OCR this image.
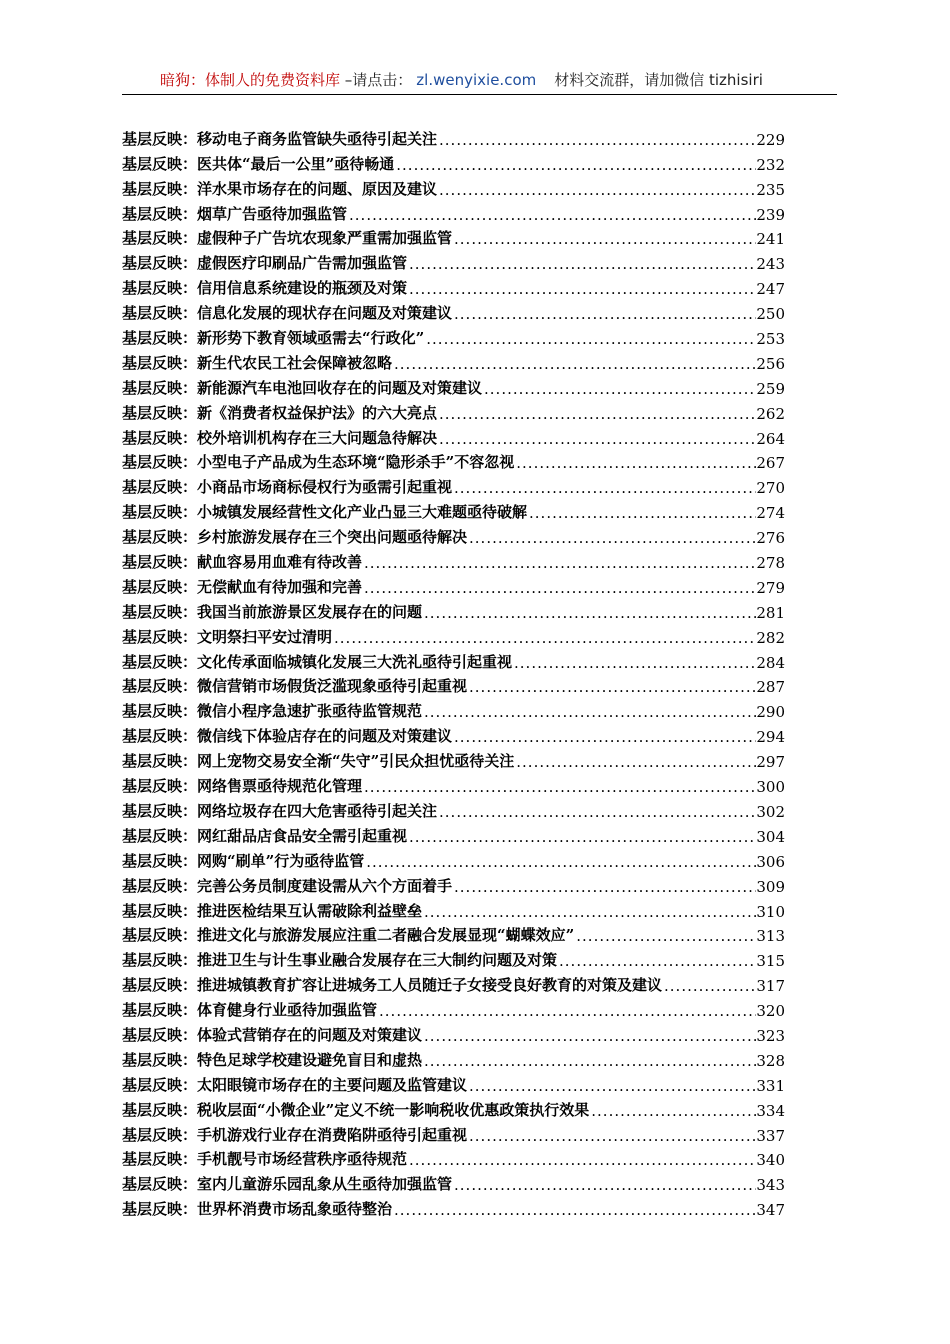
暗狗：体制人的免费资料库 –请点击： zl.wenyixie.com 材料交流群，请加微信 tizhisiri
基层反映：移动电子商务监管缺失亟待引起关注 .....	229
基层反映：医共体“最后一公里”亟待畅通 .....	232
基层反映：洋水果市场存在的问题、原因及建议 .....	235
基层反映：烟草广告亟待加强监管 .....	239
基层反映：虚假种子广告坑农现象严重需加强监管 .....	241
基层反映：虚假医疗印刷品广告需加强监管 .....	243
基层反映：信用信息系统建设的瓶颈及对策 .....	247
基层反映：信息化发展的现状存在问题及对策建议 .....	250
基层反映：新形势下教育领域亟需去“行政化” .....	253
基层反映：新生代农民工社会保障被忽略 .....	256
基层反映：新能源汽车电池回收存在的问题及对策建议 .....	259
基层反映：新《消费者权益保护法》的六大亮点 .....	262
基层反映：校外培训机构存在三大问题急待解决 .....	264
基层反映：小型电子产品成为生态环境“隐形杀手”不容忽视 .....	267
基层反映：小商品市场商标侵权行为亟需引起重视 .....	270
基层反映：小城镇发展经营性文化产业凸显三大难题亟待破解 .....	274
基层反映：乡村旅游发展存在三个突出问题亟待解决 .....	276
基层反映：献血容易用血难有待改善 .....	278
基层反映：无偿献血有待加强和完善 .....	279
基层反映：我国当前旅游景区发展存在的问题 .....	281
基层反映：文明祭扫平安过清明 .....	282
基层反映：文化传承面临城镇化发展三大洗礼亟待引起重视 .....	284
基层反映：微信营销市场假货泛滥现象亟待引起重视 .....	287
基层反映：微信小程序急速扩张亟待监管规范 .....	290
基层反映：微信线下体验店存在的问题及对策建议 .....	294
基层反映：网上宠物交易安全渐“失守”引民众担忧亟待关注 .....	297
基层反映：网络售票亟待规范化管理 .....	300
基层反映：网络垃圾存在四大危害亟待引起关注 .....	302
基层反映：网红甜品店食品安全需引起重视 .....	304
基层反映：网购“刷单”行为亟待监管 .....	306
基层反映：完善公务员制度建设需从六个方面着手 .....	309
基层反映：推进医检结果互认需破除利益壁垒 .....	310
基层反映：推进文化与旅游发展应注重二者融合发展显现“蝴蝶效应” .....	313
基层反映：推进卫生与计生事业融合发展存在三大制约问题及对策 .....	315
基层反映：推进城镇教育扩容让进城务工人员随迁子女接受良好教育的对策及建议 .....	317
基层反映：体育健身行业亟待加强监管 .....	320
基层反映：体验式营销存在的问题及对策建议 .....	323
基层反映：特色足球学校建设避免盲目和虚热 .....	328
基层反映：太阳眼镜市场存在的主要问题及监管建议 .....	331
基层反映：税收层面“小微企业”定义不统一影响税收优惠政策执行效果 .....	334
基层反映：手机游戏行业存在消费陷阱亟待引起重视 .....	337
基层反映：手机靓号市场经营秩序亟待规范 .....	340
基层反映：室内儿童游乐园乱象从生亟待加强监管 .....	343
基层反映：世界杯消费市场乱象亟待整治 .....	347
